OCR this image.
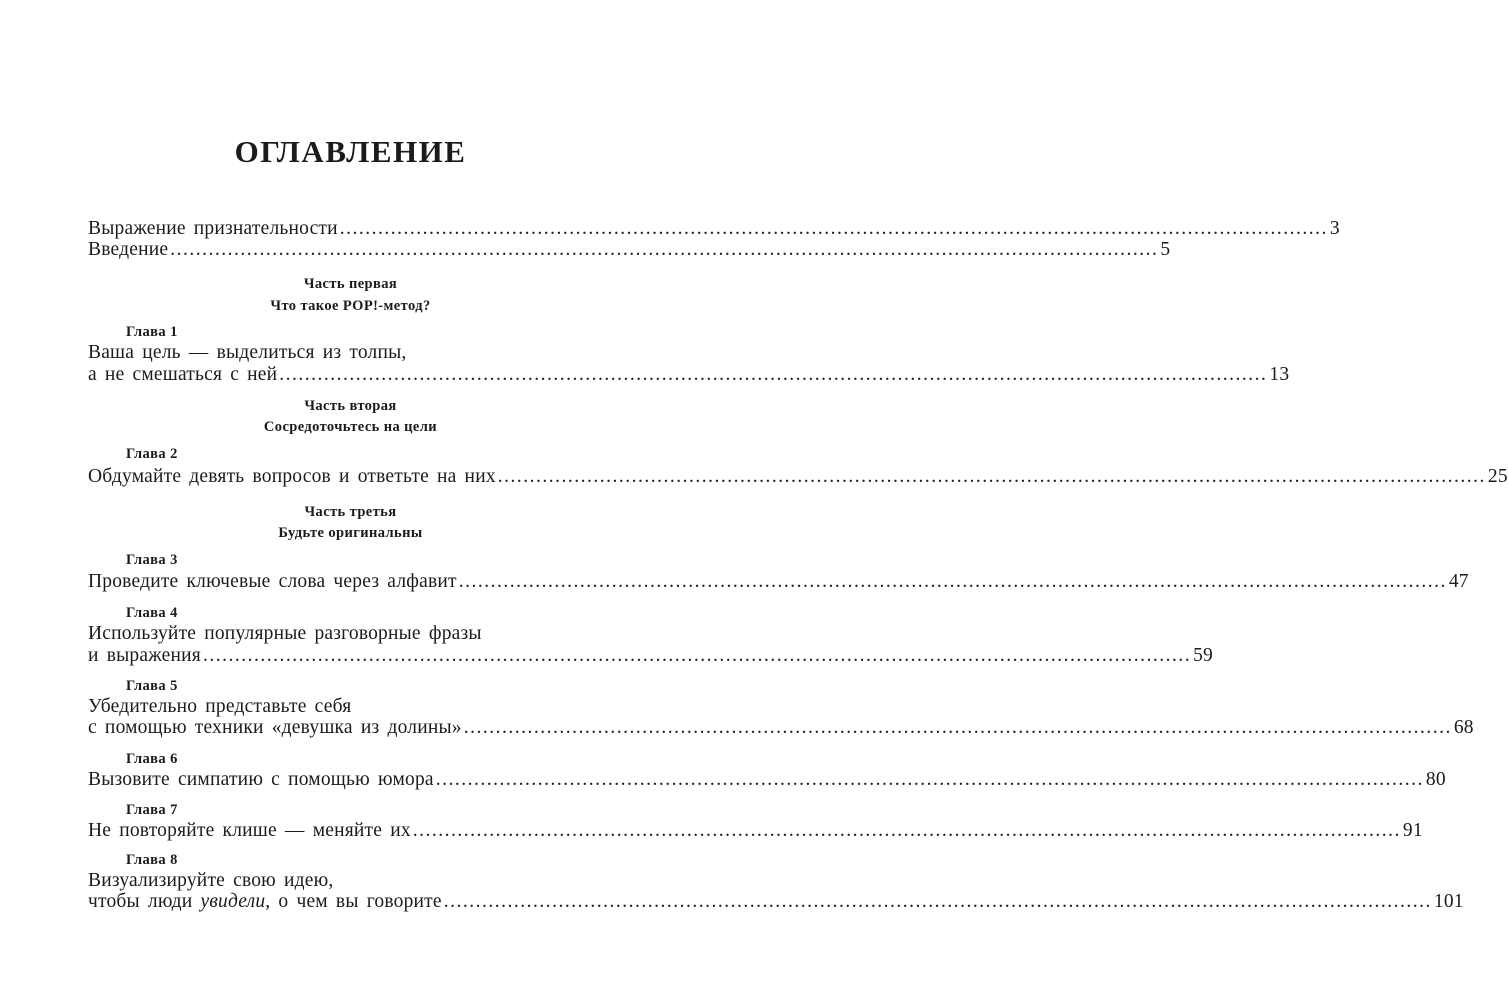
ОГЛАВЛЕНИЕ
Выражение признательности ........................................................................................................................................................... 3
Введение ........................................................................................................................................................... 5
Часть первая
Что такое POP!-метод?
Глава 1
Ваша цель — выделиться из толпы,
а не смешаться с ней ........................................................................................................................................................... 13
Часть вторая
Сосредоточьтесь на цели
Глава 2
Обдумайте девять вопросов и ответьте на них ........................................................................................................................................................... 25
Часть третья
Будьте оригинальны
Глава 3
Проведите ключевые слова через алфавит ........................................................................................................................................................... 47
Глава 4
Используйте популярные разговорные фразы
и выражения ........................................................................................................................................................... 59
Глава 5
Убедительно представьте себя
с помощью техники «девушка из долины» ........................................................................................................................................................... 68
Глава 6
Вызовите симпатию с помощью юмора ........................................................................................................................................................... 80
Глава 7
Не повторяйте клише — меняйте их ........................................................................................................................................................... 91
Глава 8
Визуализируйте свою идею,
чтобы люди увидели, о чем вы говорите ........................................................................................................................................................... 101
